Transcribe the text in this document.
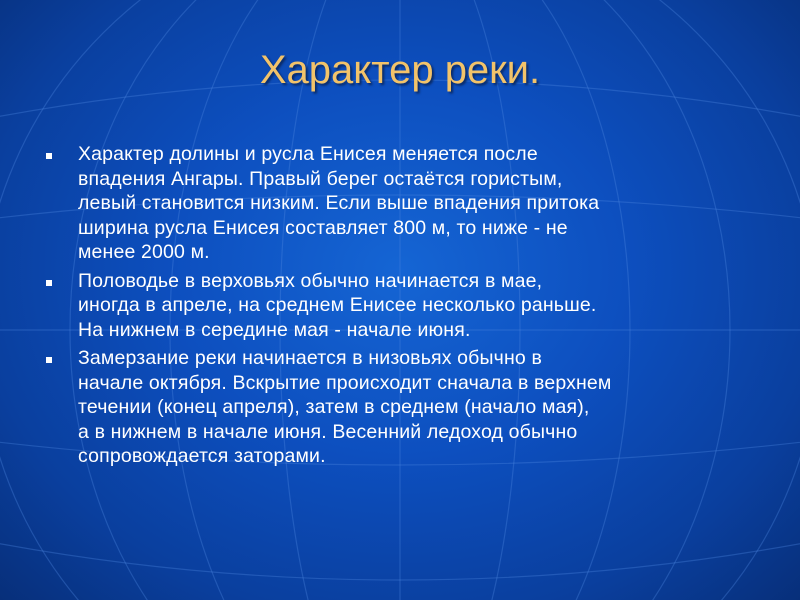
Характер реки.
Характер долины и русла Енисея меняется после
впадения Ангары. Правый берег остаётся гористым,
левый становится низким. Если выше впадения притока
ширина русла Енисея составляет 800 м, то ниже - не
менее 2000 м.
Половодье в верховьях обычно начинается в мае,
иногда в апреле, на среднем Енисее несколько раньше.
На нижнем в середине мая - начале июня.
Замерзание реки начинается в низовьях обычно в
начале октября. Вскрытие происходит сначала в верхнем
течении (конец апреля), затем в среднем (начало мая),
а в нижнем в начале июня. Весенний ледоход обычно
сопровождается заторами.
